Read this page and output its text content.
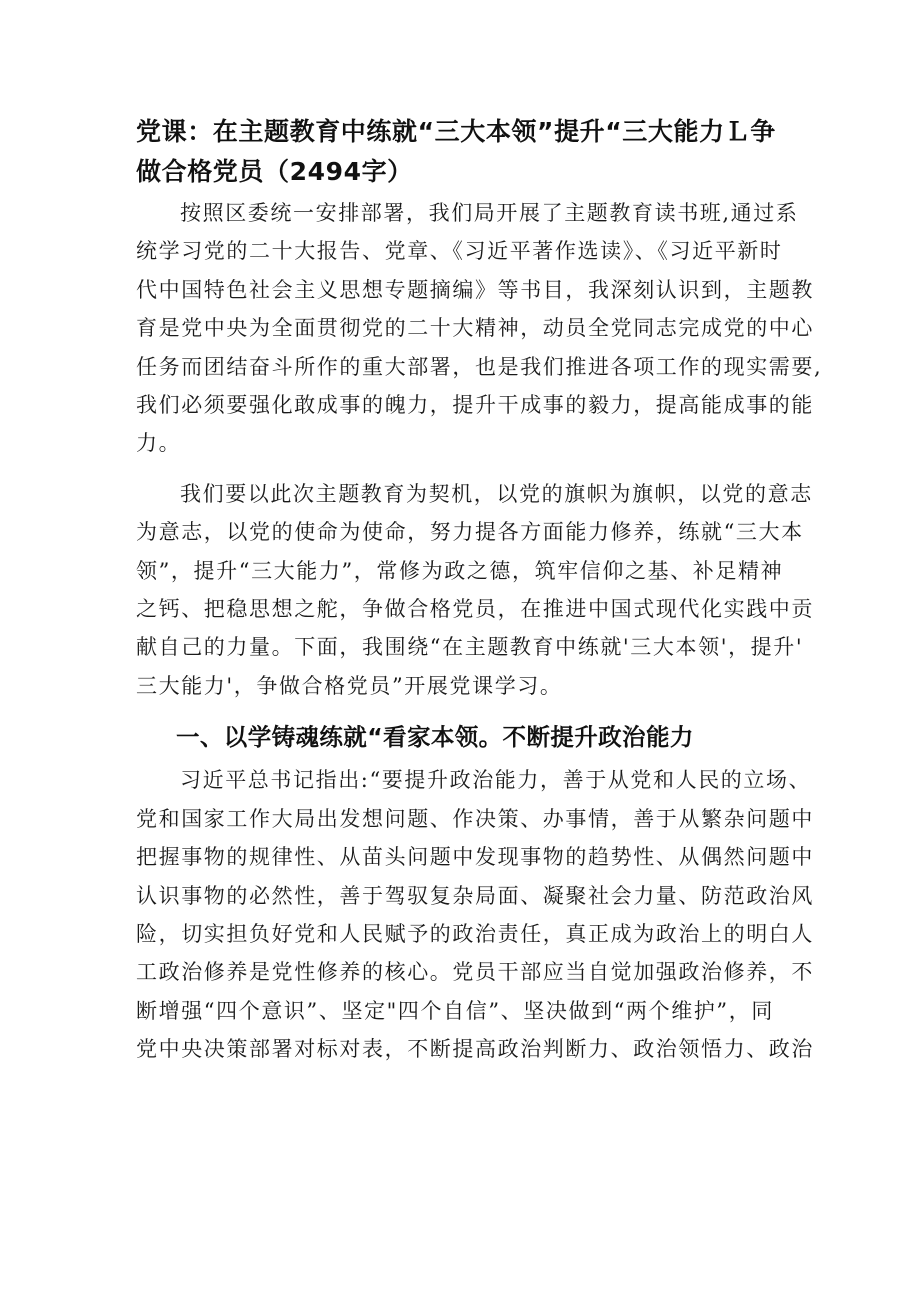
党课：在主题教育中练就“三大本领”提升“三大能力Ｌ争
做合格党员（2494字）
按照区委统一安排部署，我们局开展了主题教育读书班,通过系
统学习党的二十大报告、党章、《习近平著作选读》、《习近平新时
代中国特色社会主义思想专题摘编》等书目，我深刻认识到，主题教
育是党中央为全面贯彻党的二十大精神，动员全党同志完成党的中心
任务而团结奋斗所作的重大部署，也是我们推进各项工作的现实需要,
我们必须要强化敢成事的魄力，提升干成事的毅力，提高能成事的能
力。
我们要以此次主题教育为契机，以党的旗帜为旗帜，以党的意志
为意志，以党的使命为使命，努力提各方面能力修养，练就“三大本
领”，提升“三大能力”，常修为政之德，筑牢信仰之基、补足精神
之钙、把稳思想之舵，争做合格党员，在推进中国式现代化实践中贡
献自己的力量。下面，我围绕“在主题教育中练就'三大本领'，提升'
三大能力'，争做合格党员”开展党课学习。
一、以学铸魂练就“看家本领。不断提升政治能力
习近平总书记指出:“要提升政治能力，善于从党和人民的立场、
党和国家工作大局出发想问题、作决策、办事情，善于从繁杂问题中
把握事物的规律性、从苗头问题中发现事物的趋势性、从偶然问题中
认识事物的必然性，善于驾驭复杂局面、凝聚社会力量、防范政治风
险，切实担负好党和人民赋予的政治责任，真正成为政治上的明白人
工政治修养是党性修养的核心。党员干部应当自觉加强政治修养，不
断增强“四个意识”、坚定"四个自信”、坚决做到“两个维护”，同
党中央决策部署对标对表，不断提高政治判断力、政治领悟力、政治
